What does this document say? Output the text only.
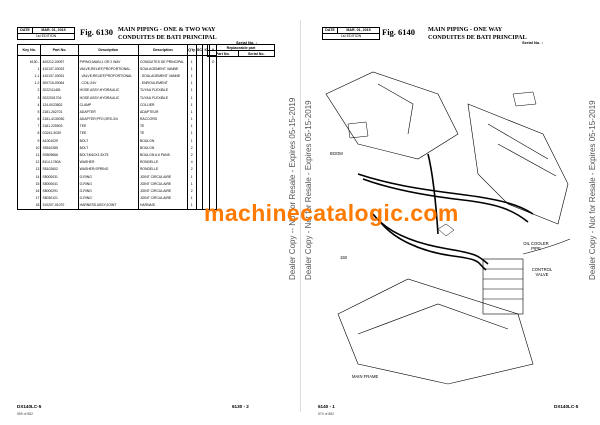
DATE	MAR. 01, 2015
1st EDITION	Fig. 6130 MAIN PIPING - ONE & TWO WAY
CONDUITES DE BATI PRINCIPAL
Serial No. :
Key No.	Part No.	Description	Description	Q'ty	SC	IC	A
6130 -	400212-00097	PIPING;MAIN,1 OR 2 WAY	CONDUITES DE PRINCIPAL	1			O
1	410137-00023	VALVE;RELIEF,PROPORTIONAL	SOULAGEMENT VANNE	1			
1-1	410137-00031	. VALVE;RELIEF,PROPORTIONAL	. SOULAGEMENT VANNE	1			
1-2	300715-00064	. COIL;24V	. ENROULEMENT	1			
2	2022111481	HOSE ASSY;HYDRAULIC	TUYAU FLEXIBLE	1			
3	2022001704	HOSE ASSY;HYDRAULIC	TUYAU FLEXIBLE	1			
4	124-0023802	CLAMP	COLLIER	1			
5	2181-262701	ADAPTER	ADAPTEUR	1			
6	2181-4130030	ADAPTER;PFO,ORS-3/4	RACCORD	1			
7	2181-225903	TEE	TE	1			
8	D3241-5020	TEE	TE	1			
9	A1001029	BOLT	BOULON	1			
10	S5510285	BOLT	BOULON	2			
11	S0509666	BOLT;M10X1.5X75	BOULON A 6 PANS	2			
12	8114-1760A	WASHER	RONDELLE	4			
13	S5102602	WASHER;SPRING	RONDELLE	2			
14	S8000031	O-RING	JOINT CIRCULAIRE	1			
15	S8000041	O-RING	JOINT CIRCULAIRE	1			
16	S8000291	O-RING	JOINT CIRCULAIRE	2			
17	S8030121	O-RING	JOINT CIRCULAIRE	1			
18	310207-01070	HARNESS ASSY;JOINT	HARNAIS	1			
Replaceable part
Part No.	Serial No.
DX140LC-5	6130 - 2
559 of 882
Dealer Copy -- Not for Resale - Expires 05-15-2019
DATE	MAR. 01, 2015
1st EDITION Fig. 6140 MAIN PIPING - ONE WAY
CONDUITES DE BATI PRINCIPAL
Serial No. :
6140 - 1
570 of 882
DX140LC-5
Dealer Copy - Not for Resale - Expires 05-15-2019	Dealer Copy - Not for Resale - Expires 05-15-2019
BOOM
OIL COOLER PIPE
CONTROL VALVE
MAIN FRAME
150
machinecatalogic.com
